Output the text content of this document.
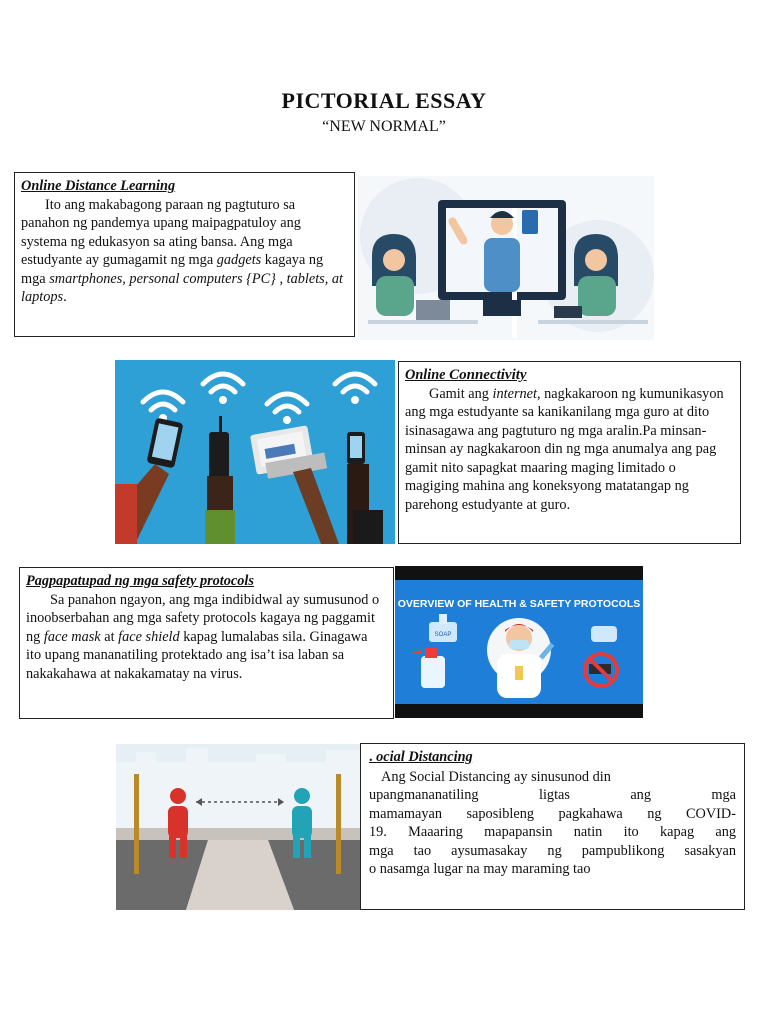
PICTORIAL ESSAY
“NEW NORMAL”
Online Distance Learning

Ito ang makabagong paraan ng pagtuturo sa panahon ng pandemya upang maipagpatuloy ang systema ng edukasyon sa ating bansa. Ang mga estudyante ay gumagamit ng mga gadgets kagaya ng mga smartphones, personal computers {PC} , tablets, at laptops.

Online Connectivity

Gamit ang internet, nagkakaroon ng kumunikasyon ang mga estudyante sa kanikanilang mga guro at dito isinasagawa ang pagtuturo ng mga aralin.Pa minsan-minsan ay nagkakaroon din ng mga anumalya ang pag gamit nito sapagkat maaring maging limitado o magiging mahina ang koneksyong matatangap ng parehong estudyante at guro.

Pagpapatupad ng mga safety protocols

Sa panahon ngayon, ang mga indibidwal ay sumusunod o inoobserbahan ang mga safety protocols kagaya ng paggamit ng face mask at face shield kapag lumalabas sila. Ginagawa ito upang mananatiling protektado ang isa’t isa laban sa nakakahawa at nakakamatay na virus.

OVERVIEW OF HEALTH & SAFETY PROTOCOLS
SOAP
. ocial Distancing
Ang Social Distancing ay sinusunod din
upangmananatiling ligtas ang mga
mamamayan saposibleng pagkahawa ng COVID-
19. Maaaring mapapansin natin ito kapag ang
mga tao aysumasakay ng pampublikong sasakyan
o nasamga lugar na may maraming tao
